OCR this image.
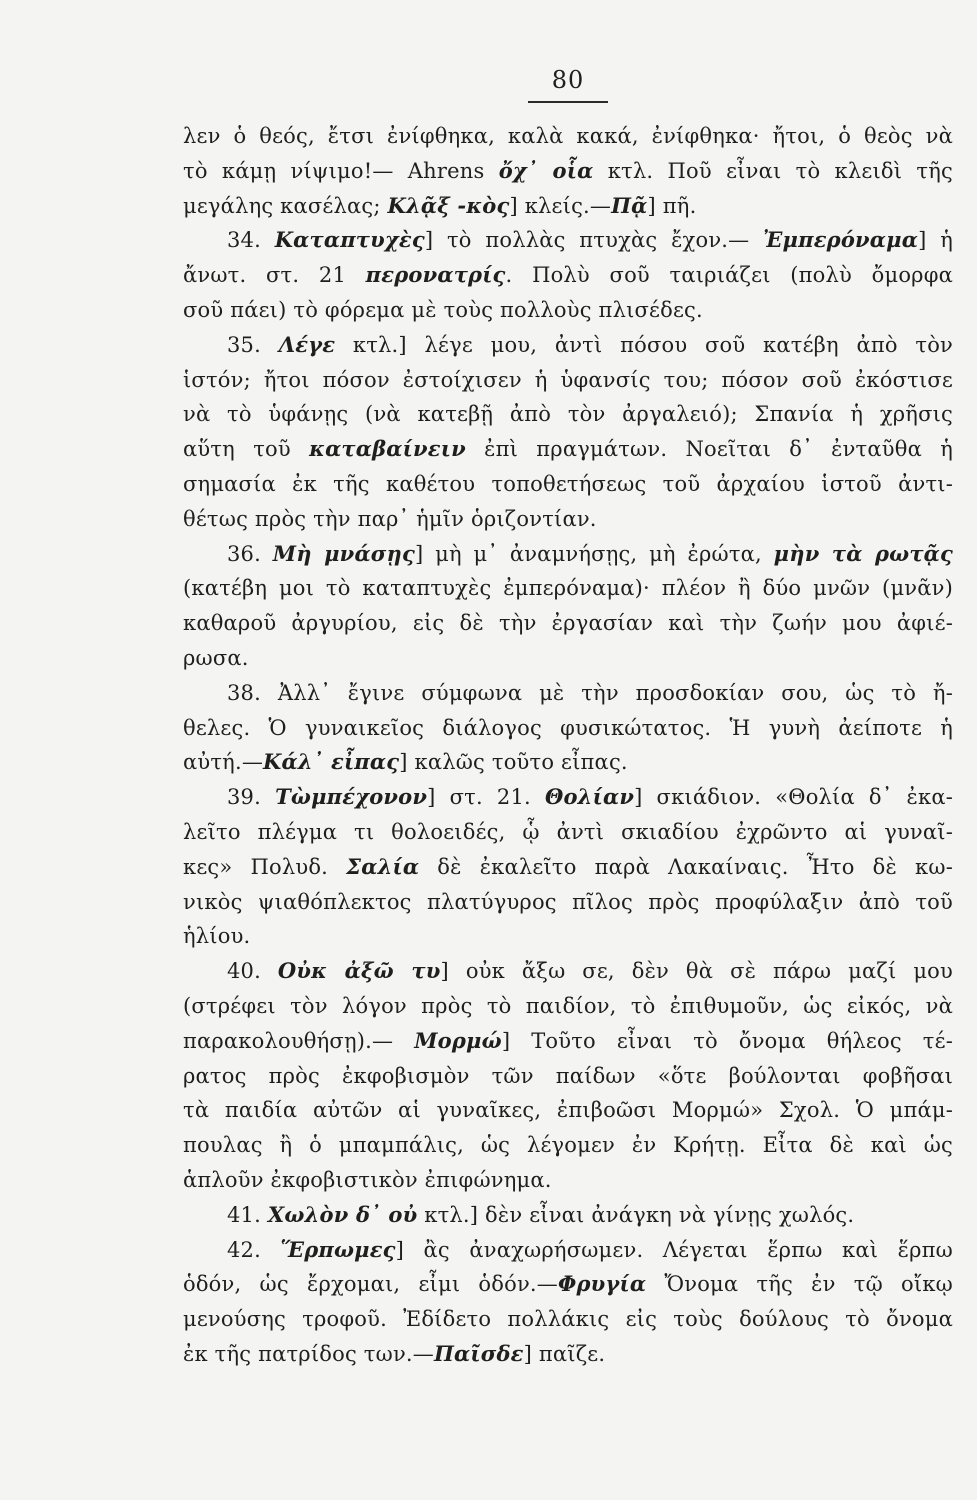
80
λεν ὁ θεός, ἔτσι ἐνίφθηκα, καλὰ κακά, ἐνίφθηκα· ἤτοι, ὁ θεὸς νὰ
τὸ κάμῃ νίψιμο!— Ahrens ὄχ᾽ οἷα κτλ. Ποῦ εἶναι τὸ κλειδὶ τῆς
μεγάλης κασέλας; Κλᾷξ -κὸς] κλείς.—Πᾷ] πῆ.
34. Καταπτυχὲς] τὸ πολλὰς πτυχὰς ἔχον.— Ἐμπερόναμα] ἡ
ἄνωτ. στ. 21 περονατρίς. Πολὺ σοῦ ταιριάζει (πολὺ ὄμορφα
σοῦ πάει) τὸ φόρεμα μὲ τοὺς πολλοὺς πλισέδες.
35. Λέγε κτλ.] λέγε μου, ἀντὶ πόσου σοῦ κατέβη ἀπὸ τὸν
ἱστόν; ἤτοι πόσον ἐστοίχισεν ἡ ὑφανσίς του; πόσον σοῦ ἐκόστισε
νὰ τὸ ὑφάνῃς (νὰ κατεβῇ ἀπὸ τὸν ἀργαλειό); Σπανία ἡ χρῆσις
αὕτη τοῦ καταβαίνειν ἐπὶ πραγμάτων. Νοεῖται δ᾽ ἐνταῦθα ἡ
σημασία ἐκ τῆς καθέτου τοποθετήσεως τοῦ ἀρχαίου ἱστοῦ ἀντι-
θέτως πρὸς τὴν παρ᾽ ἡμῖν ὁριζοντίαν.
36. Μὴ μνάσῃς] μὴ μ᾽ ἀναμνήσῃς, μὴ ἐρώτα, μὴν τὰ ρωτᾷς
(κατέβη μοι τὸ καταπτυχὲς ἐμπερόναμα)· πλέον ἢ δύο μνῶν (μνᾶν)
καθαροῦ ἀργυρίου, εἰς δὲ τὴν ἐργασίαν καὶ τὴν ζωήν μου ἀφιέ-
ρωσα.
38. Ἀλλ᾽ ἔγινε σύμφωνα μὲ τὴν προσδοκίαν σου, ὡς τὸ ἤ-
θελες. Ὁ γυναικεῖος διάλογος φυσικώτατος. Ἡ γυνὴ ἀείποτε ἡ
αὐτή.—Κάλ᾽ εἶπας] καλῶς τοῦτο εἶπας.
39. Τὼμπέχονον] στ. 21. Θολίαν] σκιάδιον. «Θολία δ᾽ ἐκα-
λεῖτο πλέγμα τι θολοειδές, ᾧ ἀντὶ σκιαδίου ἐχρῶντο αἱ γυναῖ-
κες» Πολυδ. Σαλία δὲ ἐκαλεῖτο παρὰ Λακαίναις. Ἦτο δὲ κω-
νικὸς ψιαθόπλεκτος πλατύγυρος πῖλος πρὸς προφύλαξιν ἀπὸ τοῦ
ἡλίου.
40. Οὐκ ἀξῶ τυ] οὐκ ἄξω σε, δὲν θὰ σὲ πάρω μαζί μου
(στρέφει τὸν λόγον πρὸς τὸ παιδίον, τὸ ἐπιθυμοῦν, ὡς εἰκός, νὰ
παρακολουθήσῃ).— Μορμώ] Τοῦτο εἶναι τὸ ὄνομα θήλεος τέ-
ρατος πρὸς ἐκφοβισμὸν τῶν παίδων «ὅτε βούλονται φοβῆσαι
τὰ παιδία αὐτῶν αἱ γυναῖκες, ἐπιβοῶσι Μορμώ» Σχολ. Ὁ μπάμ-
πουλας ἢ ὁ μπαμπάλις, ὡς λέγομεν ἐν Κρήτῃ. Εἶτα δὲ καὶ ὡς
ἁπλοῦν ἐκφοβιστικὸν ἐπιφώνημα.
41. Χωλὸν δ᾽ οὐ κτλ.] δὲν εἶναι ἀνάγκη νὰ γίνῃς χωλός.
42. Ἕρπωμες] ἂς ἀναχωρήσωμεν. Λέγεται ἕρπω καὶ ἕρπω
ὁδόν, ὡς ἔρχομαι, εἶμι ὁδόν.—Φρυγία Ὄνομα τῆς ἐν τῷ οἴκῳ
μενούσης τροφοῦ. Ἐδίδετο πολλάκις εἰς τοὺς δούλους τὸ ὄνομα
ἐκ τῆς πατρίδος των.—Παῖσδε] παῖζε.
